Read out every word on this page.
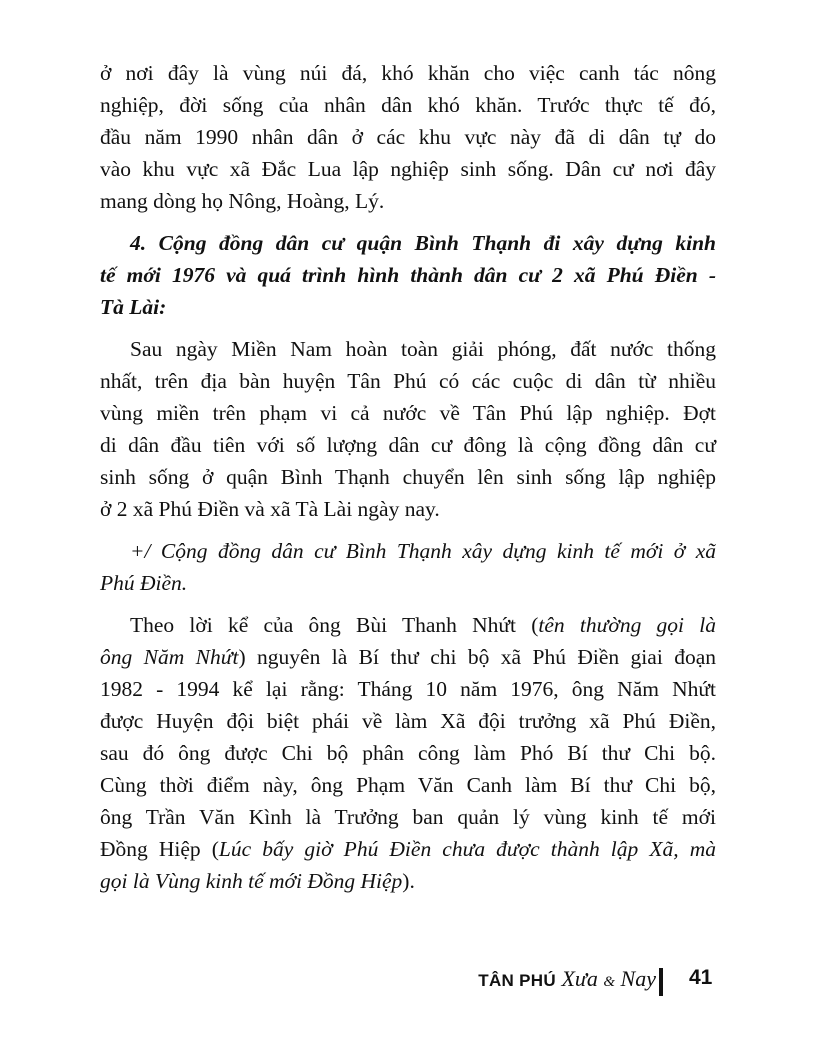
ở nơi đây là vùng núi đá, khó khăn cho việc canh tác nông
nghiệp, đời sống của nhân dân khó khăn. Trước thực tế đó,
đầu năm 1990 nhân dân ở các khu vực này đã di dân tự do
vào khu vực xã Đắc Lua lập nghiệp sinh sống. Dân cư nơi đây
mang dòng họ Nông, Hoàng, Lý.
4. Cộng đồng dân cư quận Bình Thạnh đi xây dựng kinh
tế mới 1976 và quá trình hình thành dân cư 2 xã Phú Điền -
Tà Lài:
Sau ngày Miền Nam hoàn toàn giải phóng, đất nước thống
nhất, trên địa bàn huyện Tân Phú có các cuộc di dân từ nhiều
vùng miền trên phạm vi cả nước về Tân Phú lập nghiệp. Đợt
di dân đầu tiên với số lượng dân cư đông là cộng đồng dân cư
sinh sống ở quận Bình Thạnh chuyển lên sinh sống lập nghiệp
ở 2 xã Phú Điền và xã Tà Lài ngày nay.
+/ Cộng đồng dân cư Bình Thạnh xây dựng kinh tế mới ở xã
Phú Điền.
Theo lời kể của ông Bùi Thanh Nhứt (tên thường gọi là
ông Năm Nhứt) nguyên là Bí thư chi bộ xã Phú Điền giai đoạn
1982 - 1994 kể lại rằng: Tháng 10 năm 1976, ông Năm Nhứt
được Huyện đội biệt phái về làm Xã đội trưởng xã Phú Điền,
sau đó ông được Chi bộ phân công làm Phó Bí thư Chi bộ.
Cùng thời điểm này, ông Phạm Văn Canh làm Bí thư Chi bộ,
ông Trần Văn Kình là Trưởng ban quản lý vùng kinh tế mới
Đồng Hiệp (Lúc bấy giờ Phú Điền chưa được thành lập Xã, mà
gọi là Vùng kinh tế mới Đồng Hiệp).
TÂN PHÚ Xưa & Nay 41
